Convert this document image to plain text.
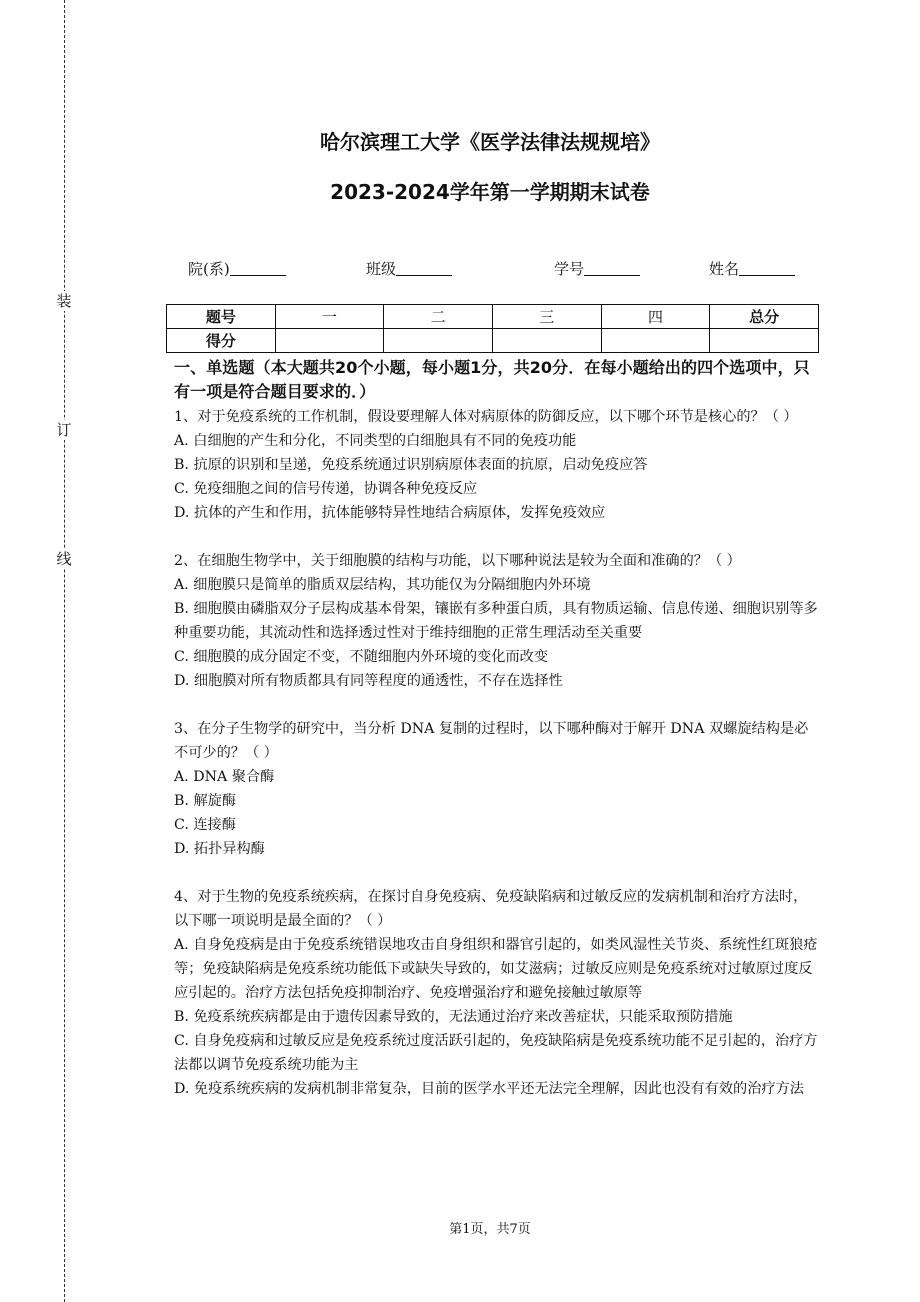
装
订
线
哈尔滨理工大学《医学法律法规规培》
2023-2024学年第一学期期末试卷
院(系)	班级	学号	姓名
题号	一	二	三	四	总分
得分					
一、单选题（本大题共20个小题，每小题1分，共20分．在每小题给出的四个选项中，只有一项是符合题目要求的．）

1、对于免疫系统的工作机制，假设要理解人体对病原体的防御反应，以下哪个环节是核心的？（ ）

A. 白细胞的产生和分化，不同类型的白细胞具有不同的免疫功能

B. 抗原的识别和呈递，免疫系统通过识别病原体表面的抗原，启动免疫应答

C. 免疫细胞之间的信号传递，协调各种免疫反应

D. 抗体的产生和作用，抗体能够特异性地结合病原体，发挥免疫效应

2、在细胞生物学中，关于细胞膜的结构与功能，以下哪种说法是较为全面和准确的？（ ）

A. 细胞膜只是简单的脂质双层结构，其功能仅为分隔细胞内外环境

B. 细胞膜由磷脂双分子层构成基本骨架，镶嵌有多种蛋白质，具有物质运输、信息传递、细胞识别等多种重要功能，其流动性和选择透过性对于维持细胞的正常生理活动至关重要

C. 细胞膜的成分固定不变，不随细胞内外环境的变化而改变

D. 细胞膜对所有物质都具有同等程度的通透性，不存在选择性

3、在分子生物学的研究中，当分析 DNA 复制的过程时，以下哪种酶对于解开 DNA 双螺旋结构是必不可少的？（ ）

A. DNA 聚合酶

B. 解旋酶

C. 连接酶

D. 拓扑异构酶

4、对于生物的免疫系统疾病，在探讨自身免疫病、免疫缺陷病和过敏反应的发病机制和治疗方法时，以下哪一项说明是最全面的？（ ）

A. 自身免疫病是由于免疫系统错误地攻击自身组织和器官引起的，如类风湿性关节炎、系统性红斑狼疮等；免疫缺陷病是免疫系统功能低下或缺失导致的，如艾滋病；过敏反应则是免疫系统对过敏原过度反应引起的。治疗方法包括免疫抑制治疗、免疫增强治疗和避免接触过敏原等

B. 免疫系统疾病都是由于遗传因素导致的，无法通过治疗来改善症状，只能采取预防措施

C. 自身免疫病和过敏反应是免疫系统过度活跃引起的，免疫缺陷病是免疫系统功能不足引起的，治疗方法都以调节免疫系统功能为主

D. 免疫系统疾病的发病机制非常复杂，目前的医学水平还无法完全理解，因此也没有有效的治疗方法

第1页，共7页
